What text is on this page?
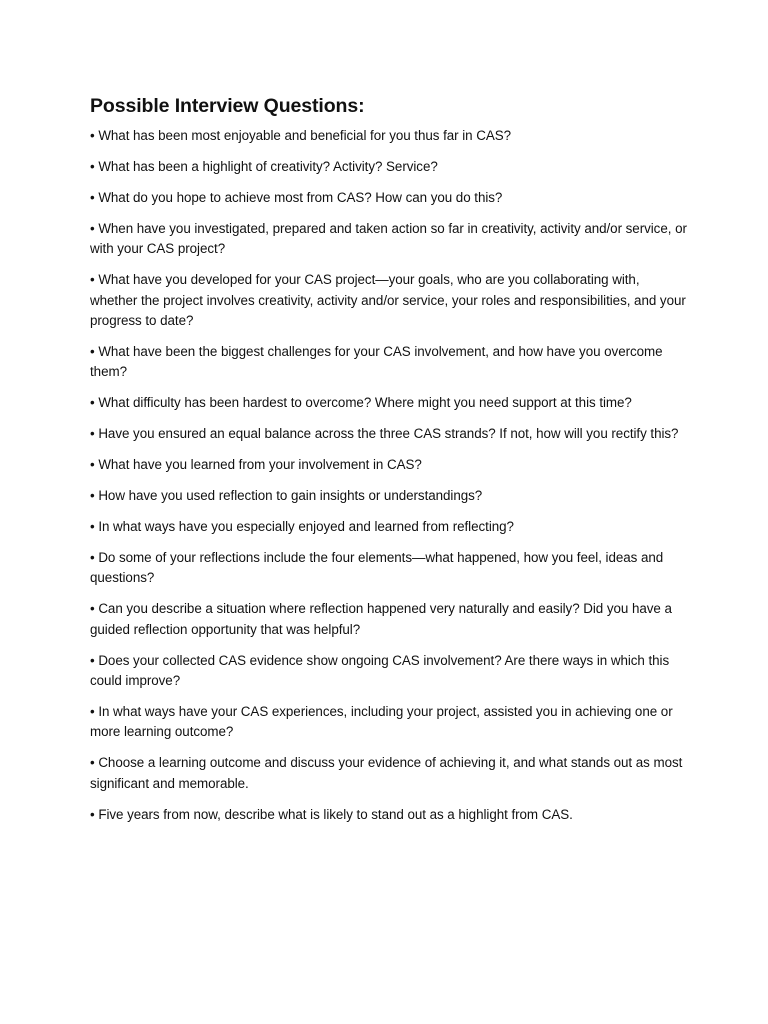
Possible Interview Questions:
• What has been most enjoyable and beneficial for you thus far in CAS?
• What has been a highlight of creativity? Activity? Service?
• What do you hope to achieve most from CAS? How can you do this?
• When have you investigated, prepared and taken action so far in creativity, activity and/or service, or with your CAS project?
• What have you developed for your CAS project—your goals, who are you collaborating with, whether the project involves creativity, activity and/or service, your roles and responsibilities, and your progress to date?
• What have been the biggest challenges for your CAS involvement, and how have you overcome them?
• What difficulty has been hardest to overcome? Where might you need support at this time?
• Have you ensured an equal balance across the three CAS strands? If not, how will you rectify this?
• What have you learned from your involvement in CAS?
• How have you used reflection to gain insights or understandings?
• In what ways have you especially enjoyed and learned from reflecting?
• Do some of your reflections include the four elements—what happened, how you feel, ideas and questions?
• Can you describe a situation where reflection happened very naturally and easily? Did you have a guided reflection opportunity that was helpful?
• Does your collected CAS evidence show ongoing CAS involvement? Are there ways in which this could improve?
• In what ways have your CAS experiences, including your project, assisted you in achieving one or more learning outcome?
• Choose a learning outcome and discuss your evidence of achieving it, and what stands out as most significant and memorable.
• Five years from now, describe what is likely to stand out as a highlight from CAS.
